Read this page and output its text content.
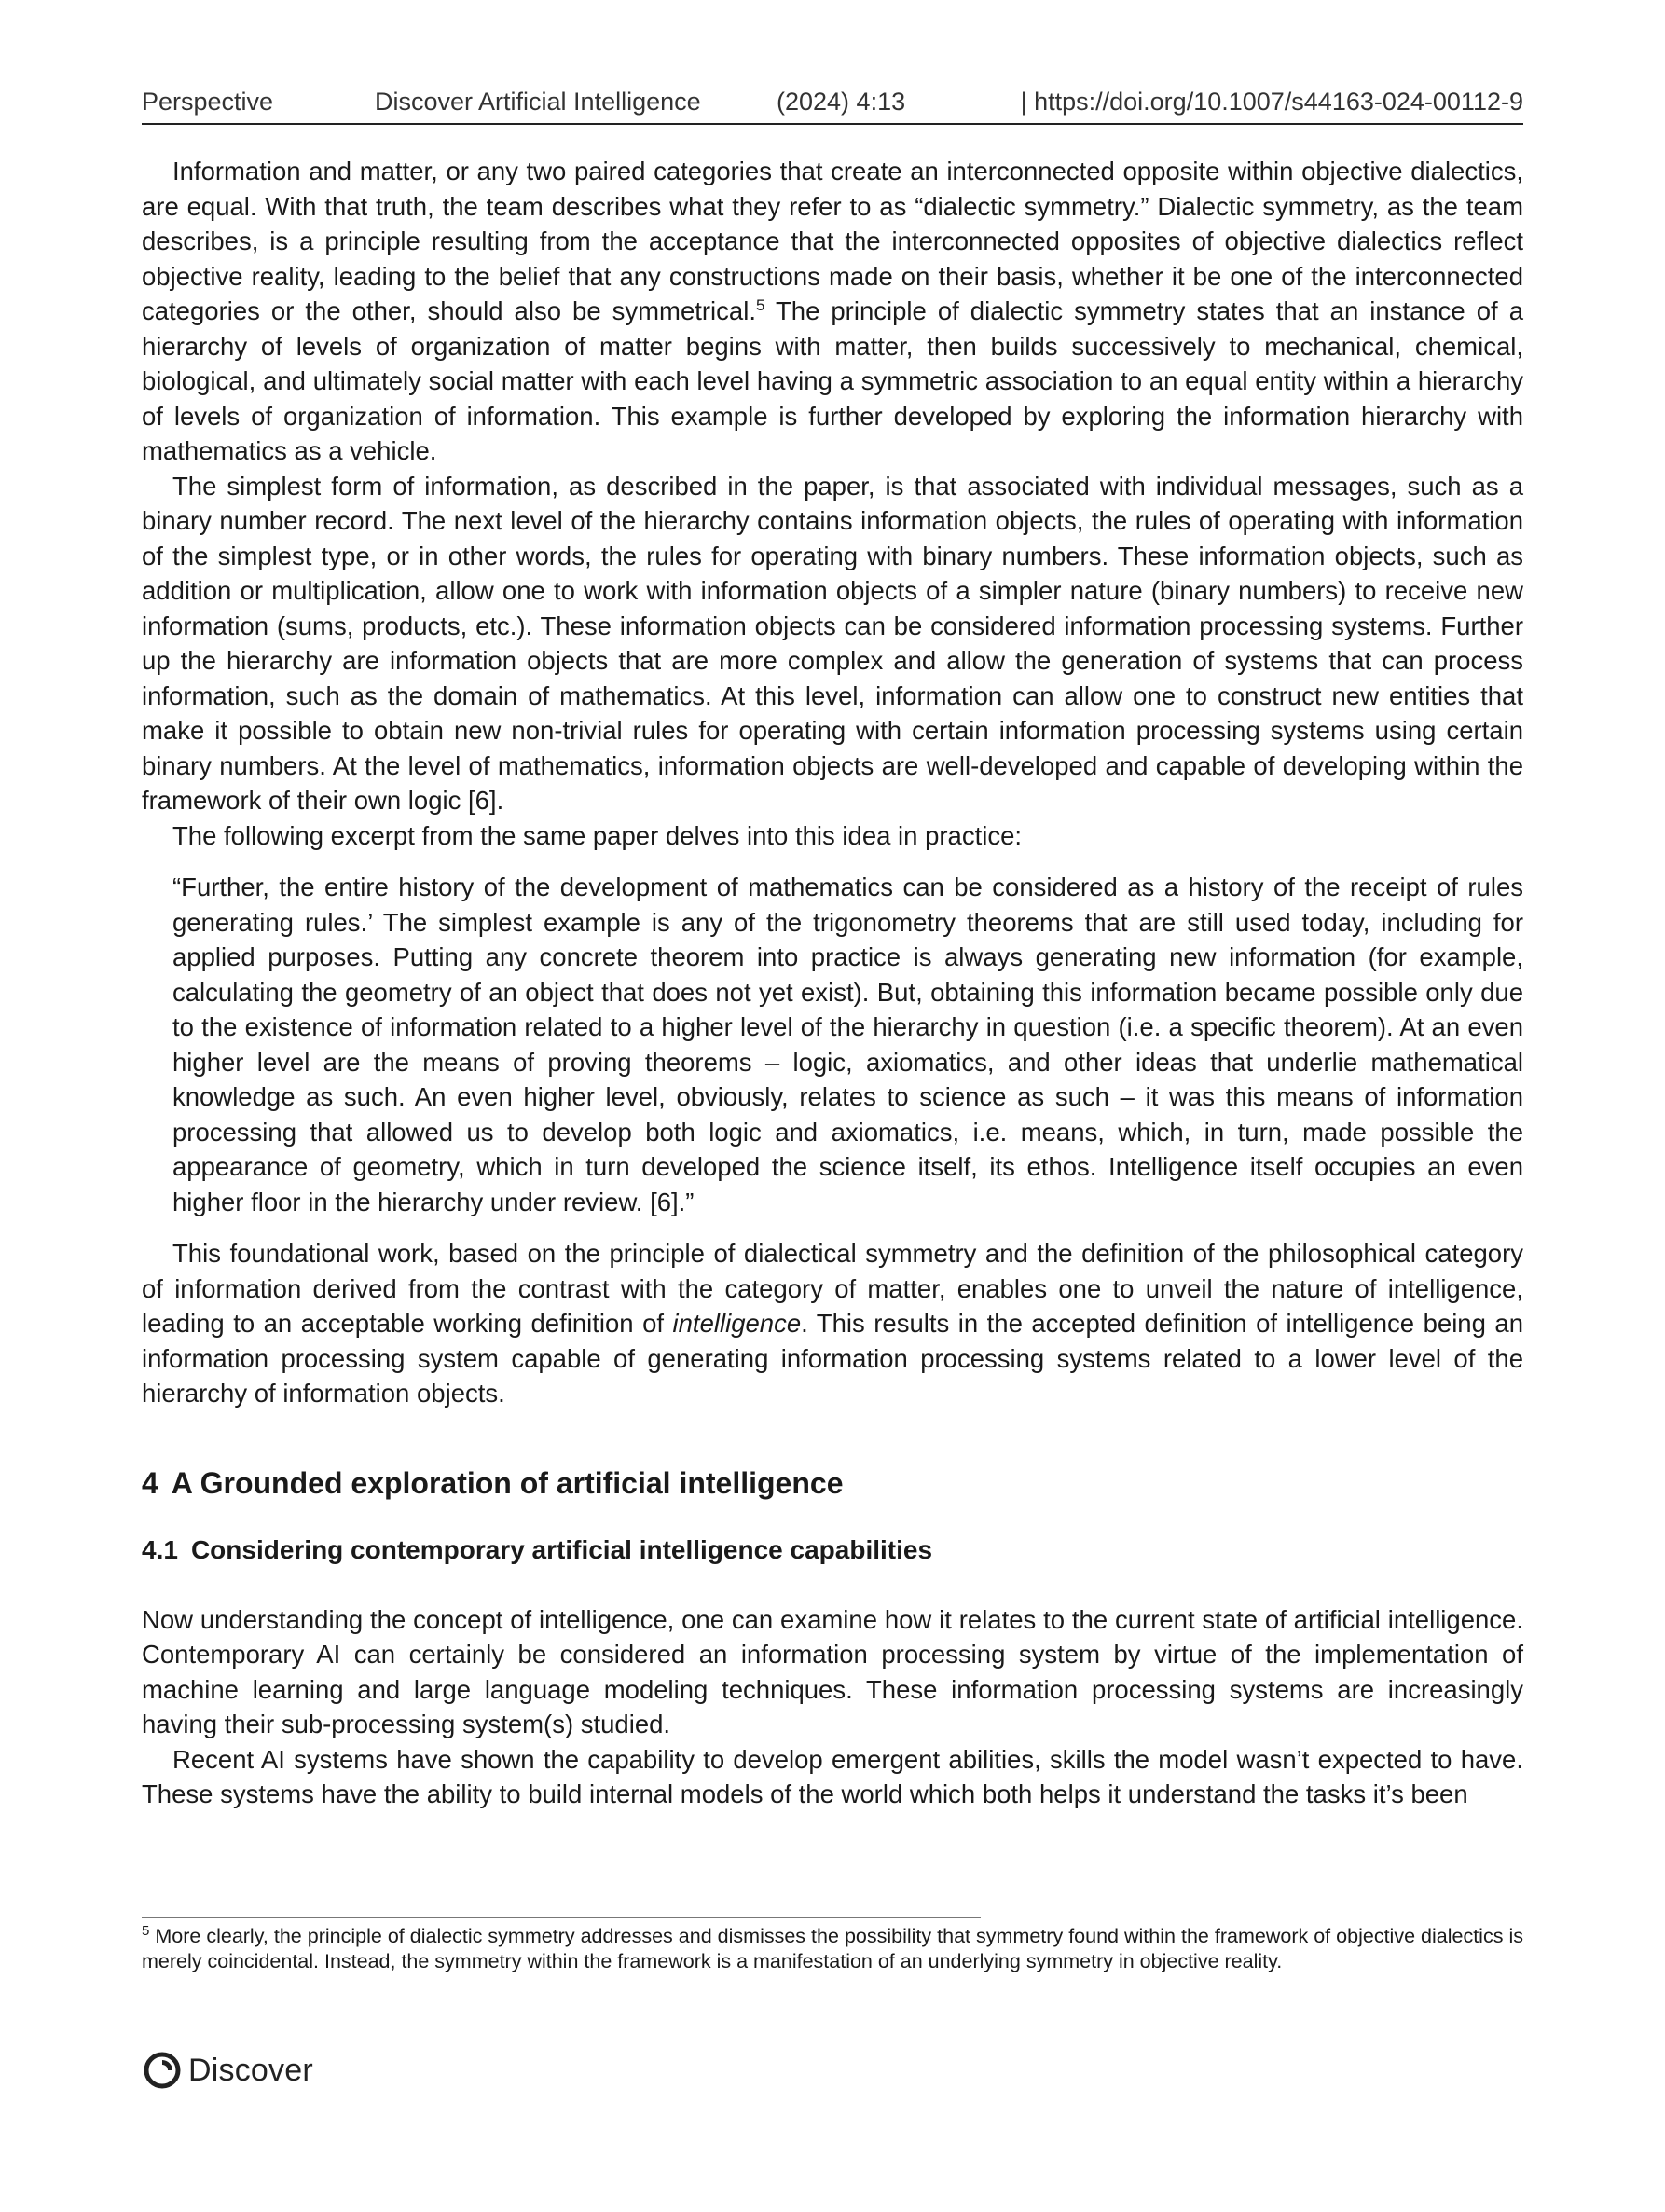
Perspective	Discover Artificial Intelligence	(2024) 4:13	| https://doi.org/10.1007/s44163-024-00112-9

Information and matter, or any two paired categories that create an interconnected opposite within objective dialectics, are equal. With that truth, the team describes what they refer to as “dialectic symmetry.” Dialectic symmetry, as the team describes, is a principle resulting from the acceptance that the interconnected opposites of objective dialectics reflect objective reality, leading to the belief that any constructions made on their basis, whether it be one of the interconnected categories or the other, should also be symmetrical.$^5$ The principle of dialectic symmetry states that an instance of a hierarchy of levels of organization of matter begins with matter, then builds successively to mechanical, chemical, biological, and ultimately social matter with each level having a symmetric association to an equal entity within a hierarchy of levels of organization of information. This example is further developed by exploring the information hierarchy with mathematics as a vehicle.

The simplest form of information, as described in the paper, is that associated with individual messages, such as a binary number record. The next level of the hierarchy contains information objects, the rules of operating with information of the simplest type, or in other words, the rules for operating with binary numbers. These information objects, such as addition or multiplication, allow one to work with information objects of a simpler nature (binary numbers) to receive new information (sums, products, etc.). These information objects can be considered information processing systems. Further up the hierarchy are information objects that are more complex and allow the generation of systems that can process information, such as the domain of mathematics. At this level, information can allow one to construct new entities that make it possible to obtain new non-trivial rules for operating with certain information processing systems using certain binary numbers. At the level of mathematics, information objects are well-developed and capable of developing within the framework of their own logic [6].

The following excerpt from the same paper delves into this idea in practice:

“Further, the entire history of the development of mathematics can be considered as a history of the receipt of rules generating rules.’ The simplest example is any of the trigonometry theorems that are still used today, including for applied purposes. Putting any concrete theorem into practice is always generating new information (for example, calculating the geometry of an object that does not yet exist). But, obtaining this information became possible only due to the existence of information related to a higher level of the hierarchy in question (i.e. a specific theorem). At an even higher level are the means of proving theorems – logic, axiomatics, and other ideas that underlie mathematical knowledge as such. An even higher level, obviously, relates to science as such – it was this means of information processing that allowed us to develop both logic and axiomatics, i.e. means, which, in turn, made possible the appearance of geometry, which in turn developed the science itself, its ethos. Intelligence itself occupies an even higher floor in the hierarchy under review. [6].”

This foundational work, based on the principle of dialectical symmetry and the definition of the philosophical category of information derived from the contrast with the category of matter, enables one to unveil the nature of intelligence, leading to an acceptable working definition of intelligence. This results in the accepted definition of intelligence being an information processing system capable of generating information processing systems related to a lower level of the hierarchy of information objects.

4 A Grounded exploration of artificial intelligence
4.1 Considering contemporary artificial intelligence capabilities

Now understanding the concept of intelligence, one can examine how it relates to the current state of artificial intelligence. Contemporary AI can certainly be considered an information processing system by virtue of the implementation of machine learning and large language modeling techniques. These information processing systems are increasingly having their sub-processing system(s) studied.

Recent AI systems have shown the capability to develop emergent abilities, skills the model wasn’t expected to have. These systems have the ability to build internal models of the world which both helps it understand the tasks it’s been

$^5$ More clearly, the principle of dialectic symmetry addresses and dismisses the possibility that symmetry found within the framework of objective dialectics is merely coincidental. Instead, the symmetry within the framework is a manifestation of an underlying symmetry in objective reality.
Discover
